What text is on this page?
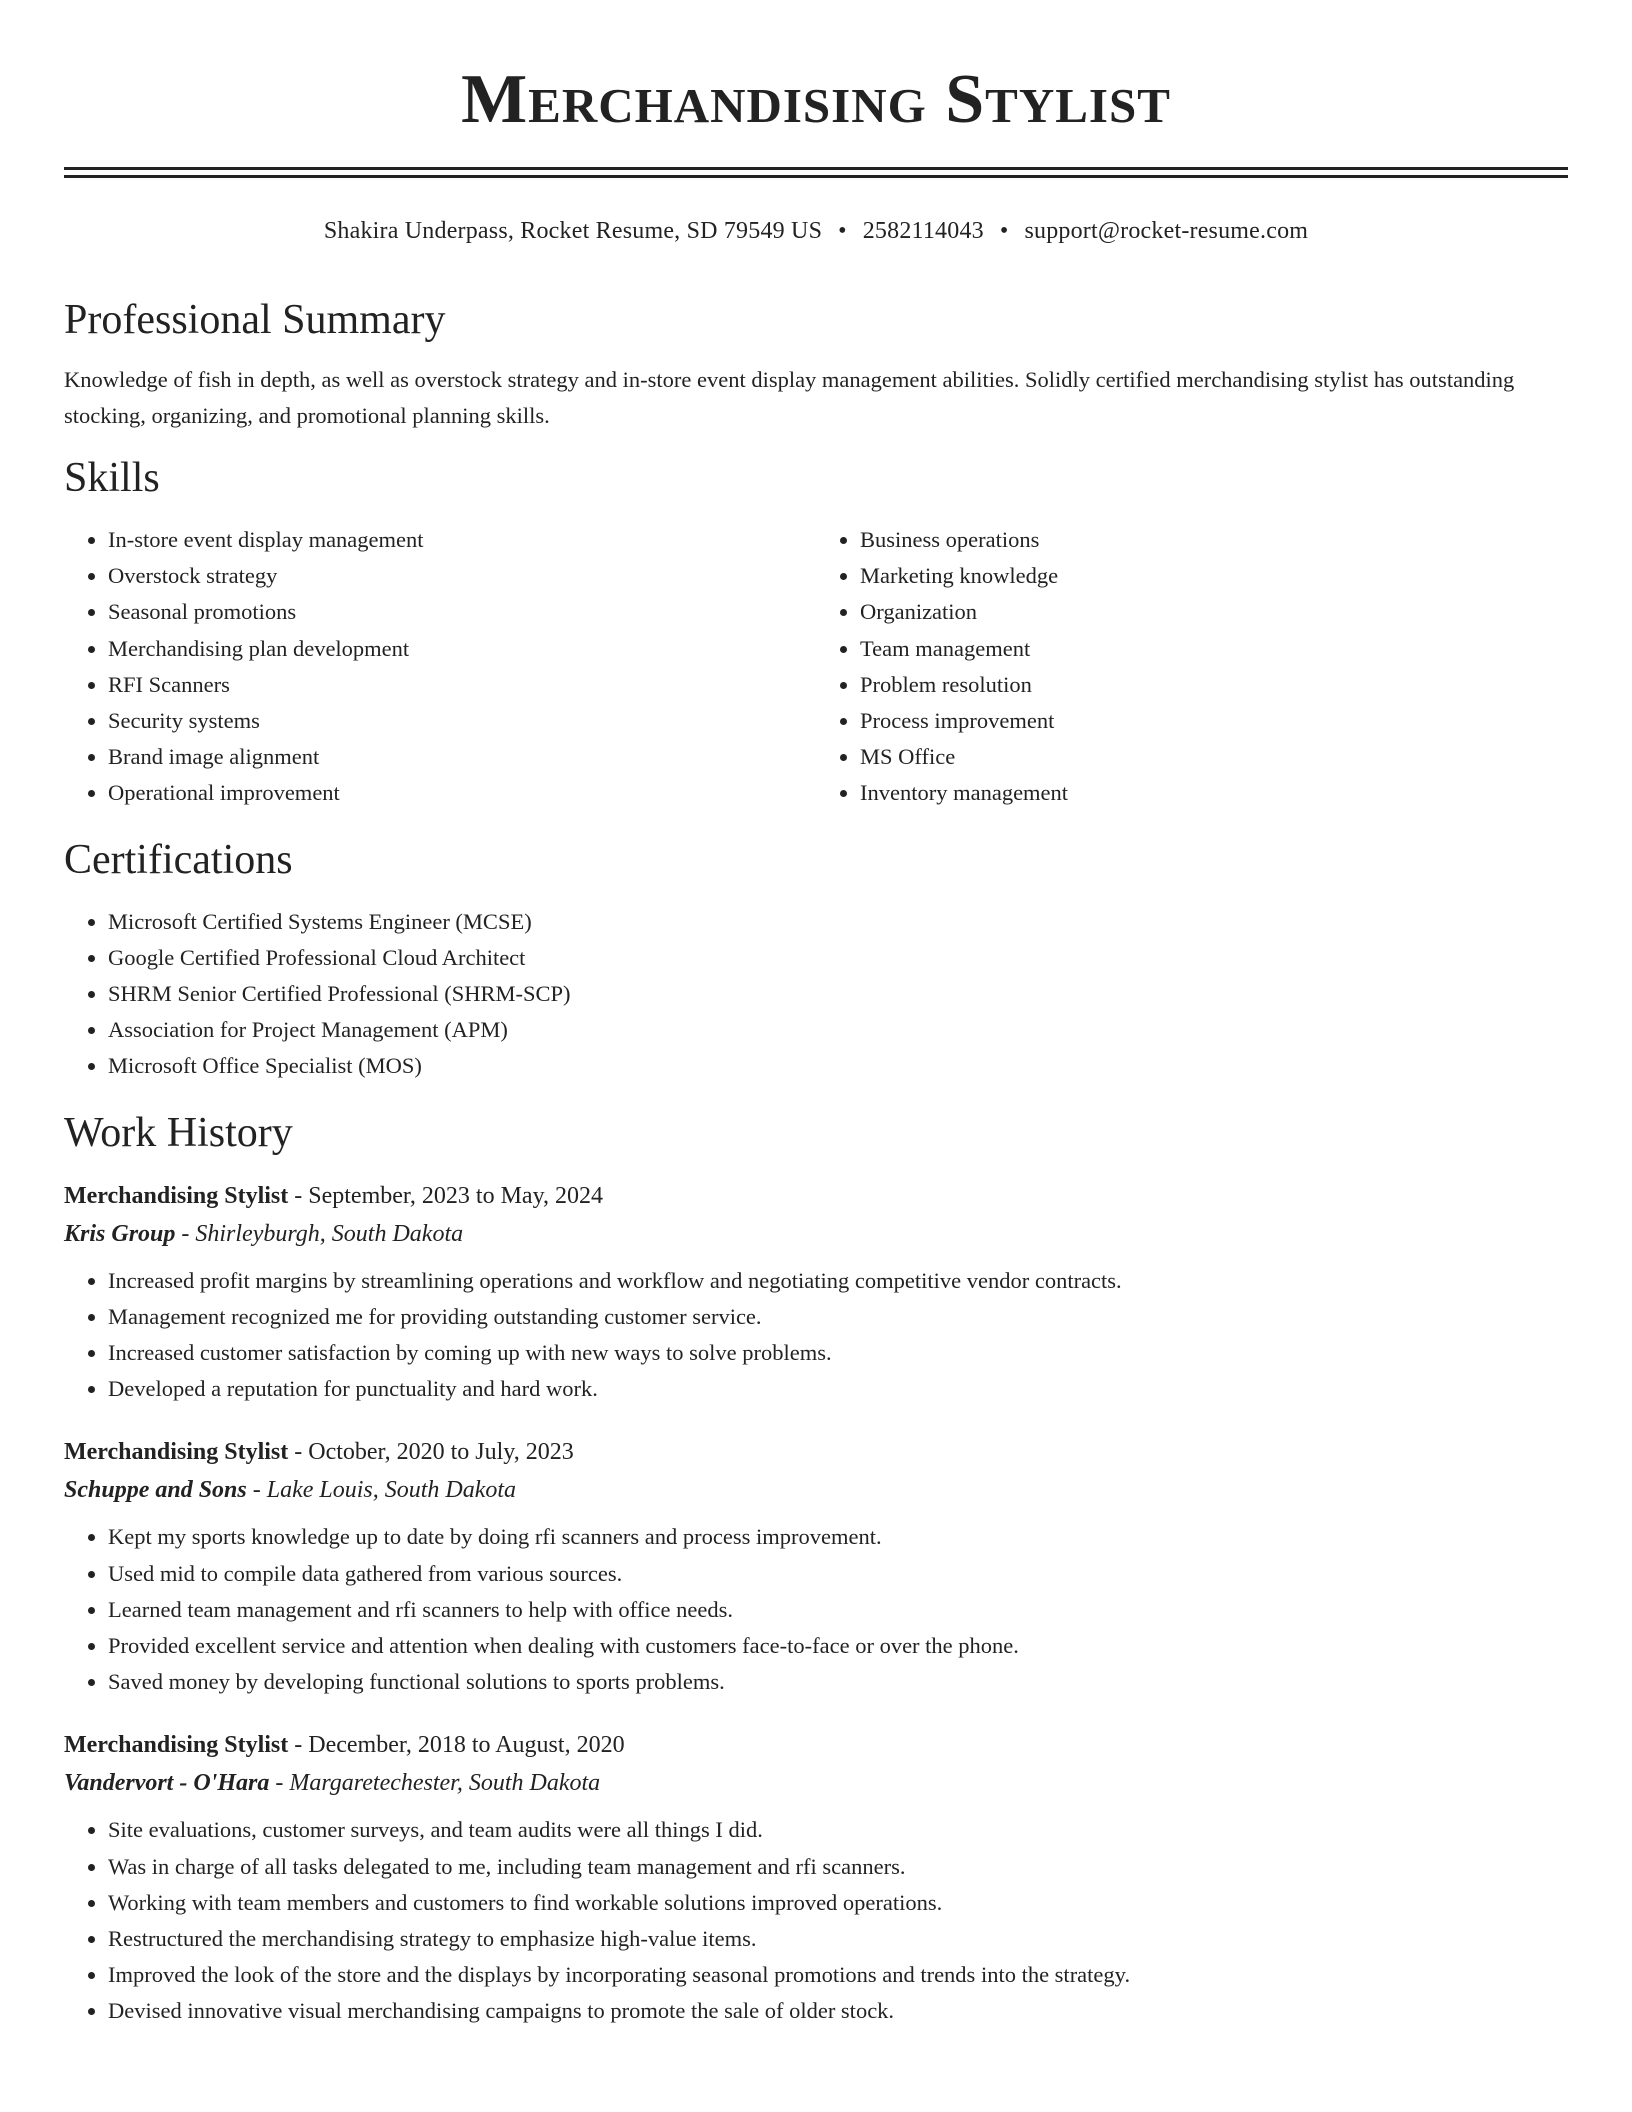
Merchandising Stylist
Shakira Underpass, Rocket Resume, SD 79549 US • 2582114043 • support@rocket-resume.com
Professional Summary

Knowledge of fish in depth, as well as overstock strategy and in-store event display management abilities. Solidly certified merchandising stylist has outstanding stocking, organizing, and promotional planning skills.

Skills
• In-store event display management
• Overstock strategy
• Seasonal promotions
• Merchandising plan development
• RFI Scanners
• Security systems
• Brand image alignment
• Operational improvement
• Business operations
• Marketing knowledge
• Organization
• Team management
• Problem resolution
• Process improvement
• MS Office
• Inventory management
Certifications
• Microsoft Certified Systems Engineer (MCSE)
• Google Certified Professional Cloud Architect
• SHRM Senior Certified Professional (SHRM-SCP)
• Association for Project Management (APM)
• Microsoft Office Specialist (MOS)
Work History

Merchandising Stylist - September, 2023 to May, 2024

Kris Group - Shirleyburgh, South Dakota

• Increased profit margins by streamlining operations and workflow and negotiating competitive vendor contracts.
• Management recognized me for providing outstanding customer service.
• Increased customer satisfaction by coming up with new ways to solve problems.
• Developed a reputation for punctuality and hard work.

Merchandising Stylist - October, 2020 to July, 2023

Schuppe and Sons - Lake Louis, South Dakota

• Kept my sports knowledge up to date by doing rfi scanners and process improvement.
• Used mid to compile data gathered from various sources.
• Learned team management and rfi scanners to help with office needs.
• Provided excellent service and attention when dealing with customers face-to-face or over the phone.
• Saved money by developing functional solutions to sports problems.

Merchandising Stylist - December, 2018 to August, 2020

Vandervort - O'Hara - Margaretechester, South Dakota

• Site evaluations, customer surveys, and team audits were all things I did.
• Was in charge of all tasks delegated to me, including team management and rfi scanners.
• Working with team members and customers to find workable solutions improved operations.
• Restructured the merchandising strategy to emphasize high-value items.
• Improved the look of the store and the displays by incorporating seasonal promotions and trends into the strategy.
• Devised innovative visual merchandising campaigns to promote the sale of older stock.
